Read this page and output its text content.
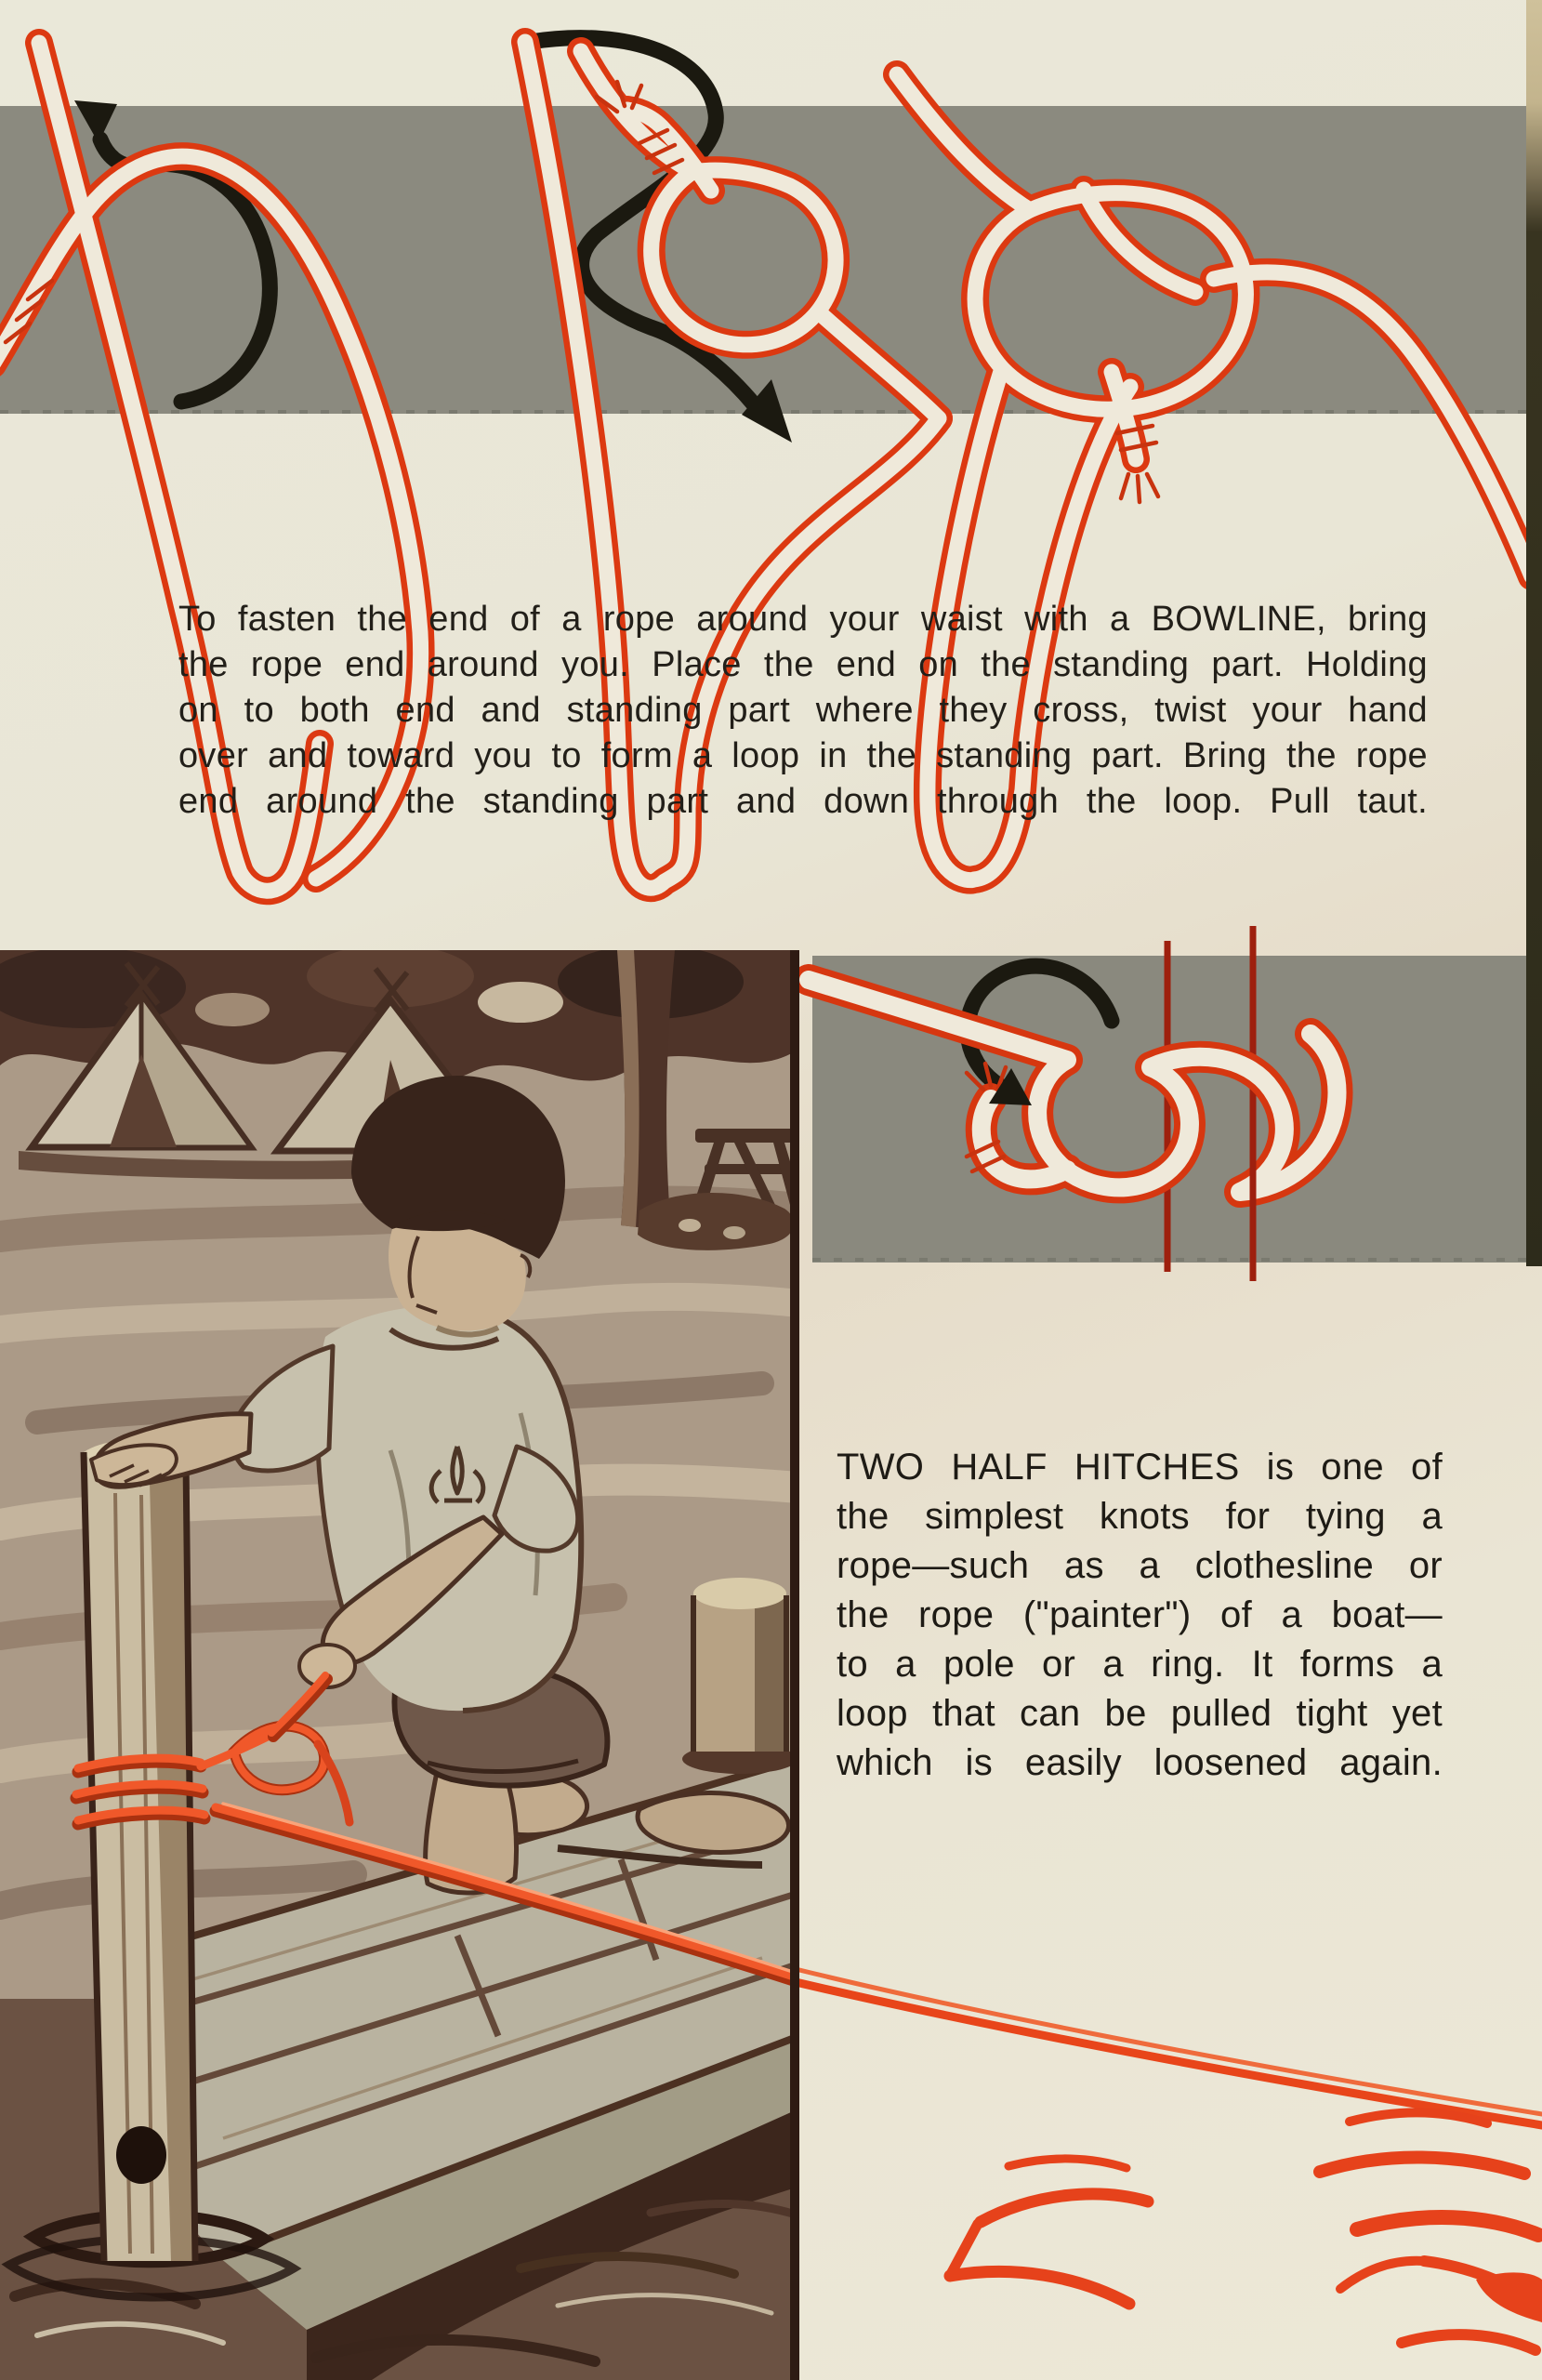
To fasten the end of a rope around your waist with a BOWLINE, bring
the rope end around you. Place the end on the standing part. Holding
on to both end and standing part where they cross, twist your hand
over and toward you to form a loop in the standing part. Bring the rope
end around the standing part and down through the loop. Pull taut.
TWO HALF HITCHES is one of
the simplest knots for tying a
rope—such as a clothesline or
the rope ("painter") of a boat—
to a pole or a ring. It forms a
loop that can be pulled tight yet
which is easily loosened again.
